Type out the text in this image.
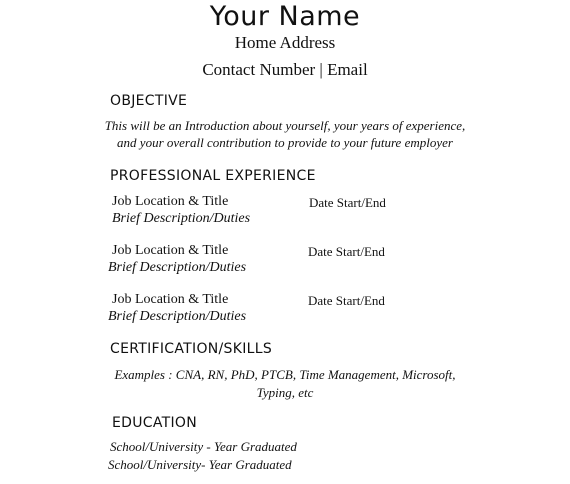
Your Name
Home Address
Contact Number | Email
OBJECTIVE
This will be an Introduction about yourself, your years of experience,
and your overall contribution to provide to your future employer
PROFESSIONAL EXPERIENCE
Job Location & Title	Date Start/End
Brief Description/Duties
Job Location & Title	Date Start/End
Brief Description/Duties
Job Location & Title	Date Start/End
Brief Description/Duties
CERTIFICATION/SKILLS
Examples : CNA, RN, PhD, PTCB, Time Management, Microsoft,
Typing, etc
EDUCATION
School/University - Year Graduated
School/University- Year Graduated
